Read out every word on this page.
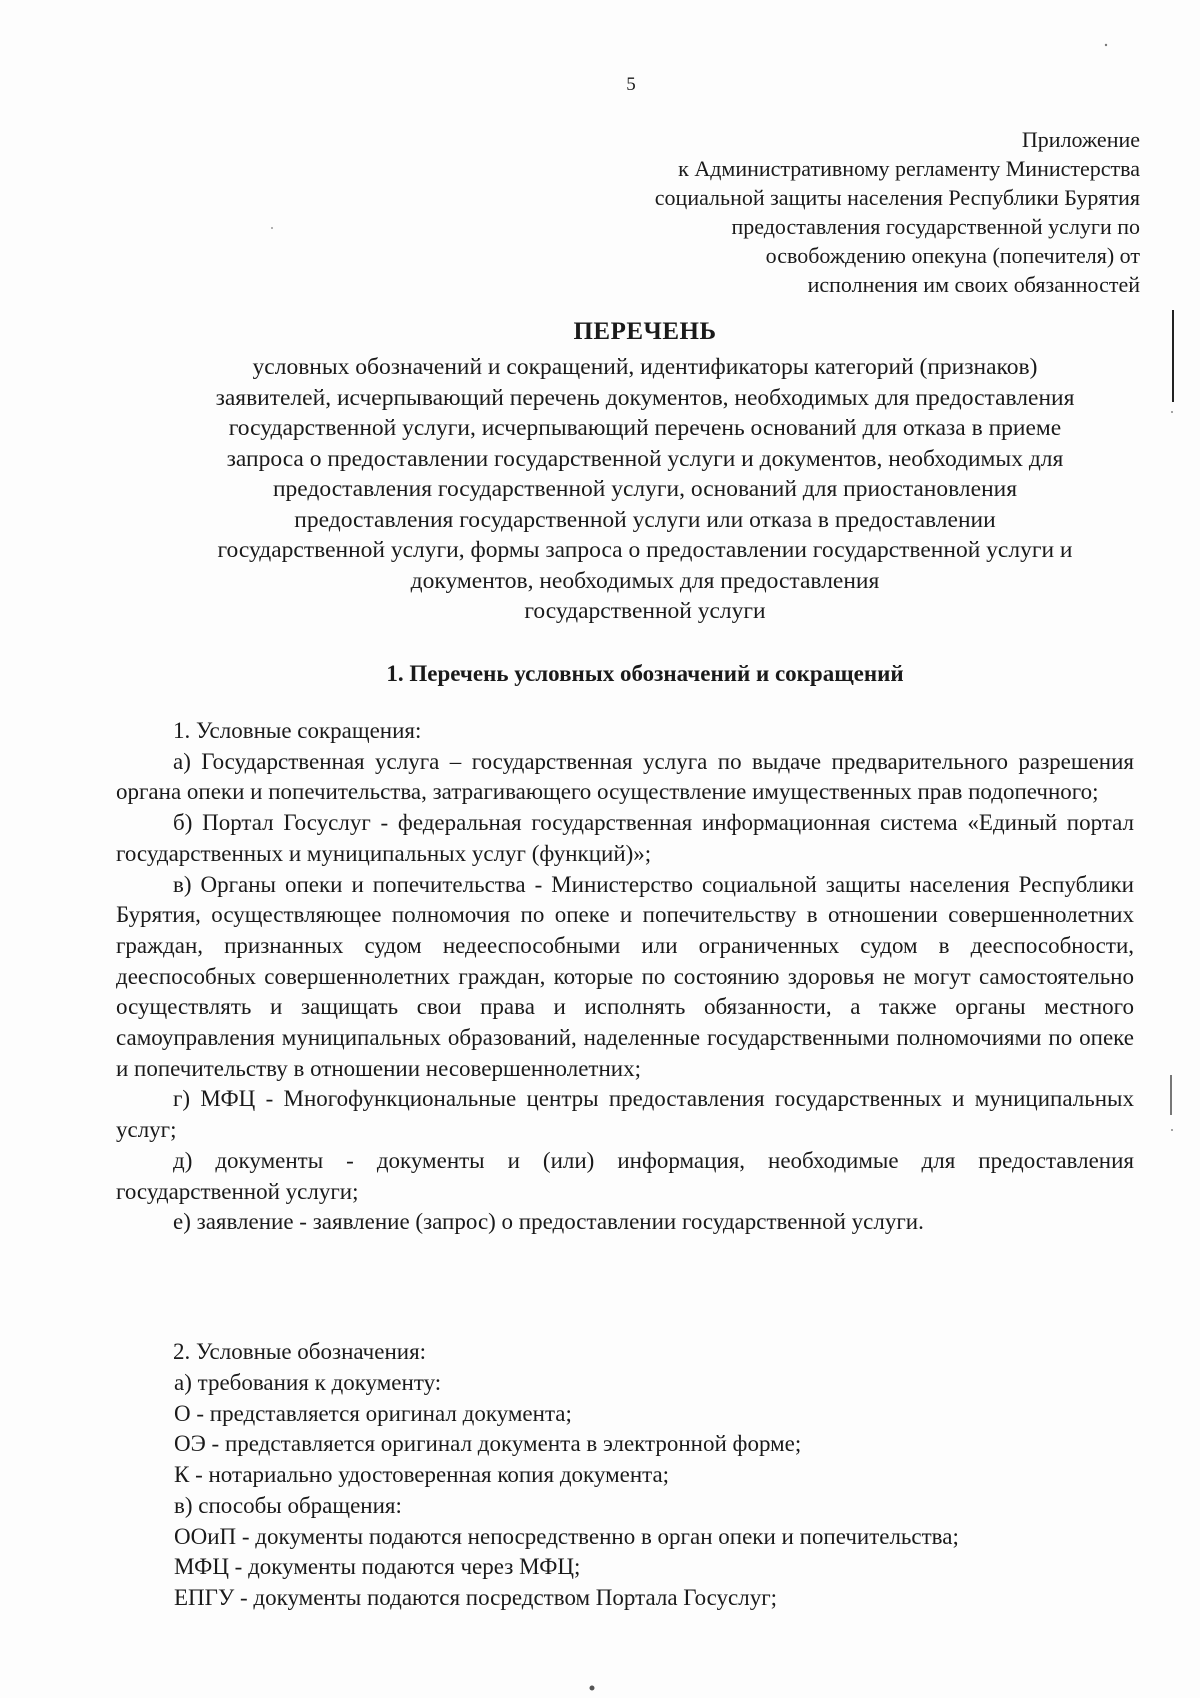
5
Приложение
к Административному регламенту Министерства
социальной защиты населения Республики Бурятия
предоставления государственной услуги по
освобождению опекуна (попечителя) от
исполнения им своих обязанностей
ПЕРЕЧЕНЬ
условных обозначений и сокращений, идентификаторы категорий (признаков)
заявителей, исчерпывающий перечень документов, необходимых для предоставления
государственной услуги, исчерпывающий перечень оснований для отказа в приеме
запроса о предоставлении государственной услуги и документов, необходимых для
предоставления государственной услуги, оснований для приостановления
предоставления государственной услуги или отказа в предоставлении
государственной услуги, формы запроса о предоставлении государственной услуги и
документов, необходимых для предоставления
государственной услуги
1. Перечень условных обозначений и сокращений

1. Условные сокращения:

а) Государственная услуга – государственная услуга по выдаче предварительного разрешения органа опеки и попечительства, затрагивающего осуществление имущественных прав подопечного;

б) Портал Госуслуг - федеральная государственная информационная система «Единый портал государственных и муниципальных услуг (функций)»;

в) Органы опеки и попечительства - Министерство социальной защиты населения Республики Бурятия, осуществляющее полномочия по опеке и попечительству в отношении совершеннолетних граждан, признанных судом недееспособными или ограниченных судом в дееспособности, дееспособных совершеннолетних граждан, которые по состоянию здоровья не могут самостоятельно осуществлять и защищать свои права и исполнять обязанности, а также органы местного самоуправления муниципальных образований, наделенные государственными полномочиями по опеке и попечительству в отношении несовершеннолетних;

г) МФЦ - Многофункциональные центры предоставления государственных и муниципальных услуг;

д) документы - документы и (или) информация, необходимые для предоставления государственной услуги;

е) заявление - заявление (запрос) о предоставлении государственной услуги.

2. Условные обозначения:

а) требования к документу:
О - представляется оригинал документа;
ОЭ - представляется оригинал документа в электронной форме;
К - нотариально удостоверенная копия документа;
в) способы обращения:
ООиП - документы подаются непосредственно в орган опеки и попечительства;
МФЦ - документы подаются через МФЦ;
ЕПГУ - документы подаются посредством Портала Госуслуг;
